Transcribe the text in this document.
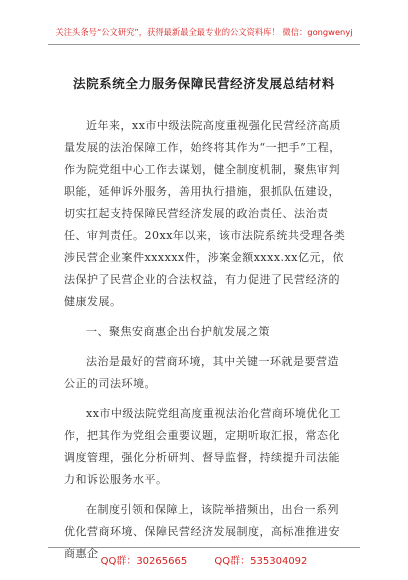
关注头条号“公文研究”，获得最新最全最专业的公文资料库！ 微信：gongwenyj
法院系统全力服务保障民营经济发展总结材料

近年来，xx市中级法院高度重视强化民营经济高质量发展的法治保障工作，始终将其作为“一把手”工程，作为院党组中心工作去谋划，健全制度机制，聚焦审判职能，延伸诉外服务，善用执行措施，狠抓队伍建设，切实扛起支持保障民营经济发展的政治责任、法治责任、审判责任。20xx年以来，该市法院系统共受理各类涉民营企业案件xxxxxx件，涉案金额xxxx.xx亿元，依法保护了民营企业的合法权益，有力促进了民营经济的健康发展。

一、聚焦安商惠企出台护航发展之策

法治是最好的营商环境，其中关键一环就是要营造公正的司法环境。

xx市中级法院党组高度重视法治化营商环境优化工作，把其作为党组会重要议题，定期听取汇报，常态化调度管理，强化分析研判、督导监督，持续提升司法能力和诉讼服务水平。

在制度引领和保障上，该院举措频出，出台一系列优化营商环境、保障民营经济发展制度，高标准推进安商惠企

QQ群：30265665	QQ群：535304092
